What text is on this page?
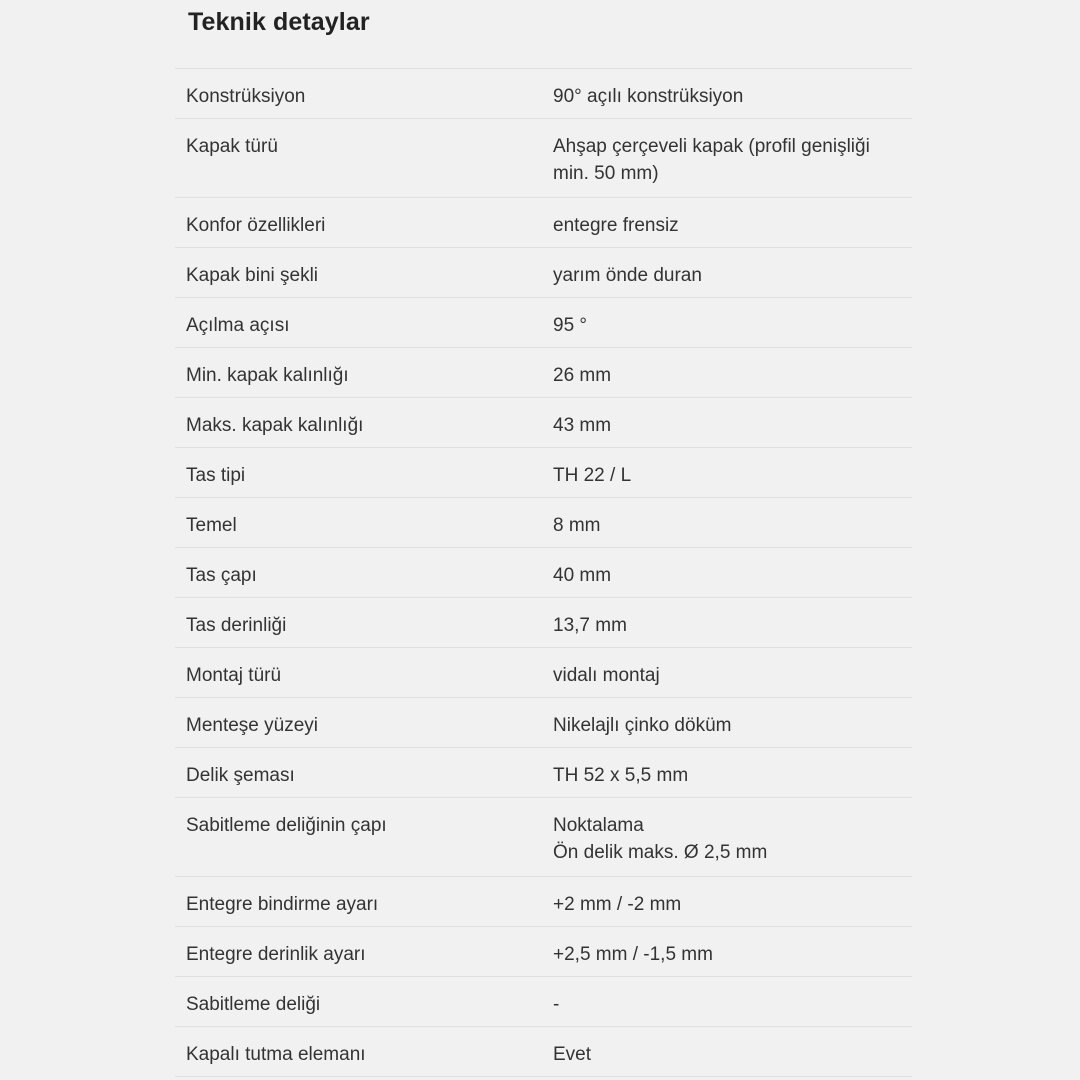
Teknik detaylar
Konstrüksiyon	90° açılı konstrüksiyon
Kapak türü	Ahşap çerçeveli kapak (profil genişliği
min. 50 mm)
Konfor özellikleri	entegre frensiz
Kapak bini şekli	yarım önde duran
Açılma açısı	95 °
Min. kapak kalınlığı	26 mm
Maks. kapak kalınlığı	43 mm
Tas tipi	TH 22 / L
Temel	8 mm
Tas çapı	40 mm
Tas derinliği	13,7 mm
Montaj türü	vidalı montaj
Menteşe yüzeyi	Nikelajlı çinko döküm
Delik şeması	TH 52 x 5,5 mm
Sabitleme deliğinin çapı	Noktalama
Ön delik maks. Ø 2,5 mm
Entegre bindirme ayarı	+2 mm / -2 mm
Entegre derinlik ayarı	+2,5 mm / -1,5 mm
Sabitleme deliği	-
Kapalı tutma elemanı	Evet
